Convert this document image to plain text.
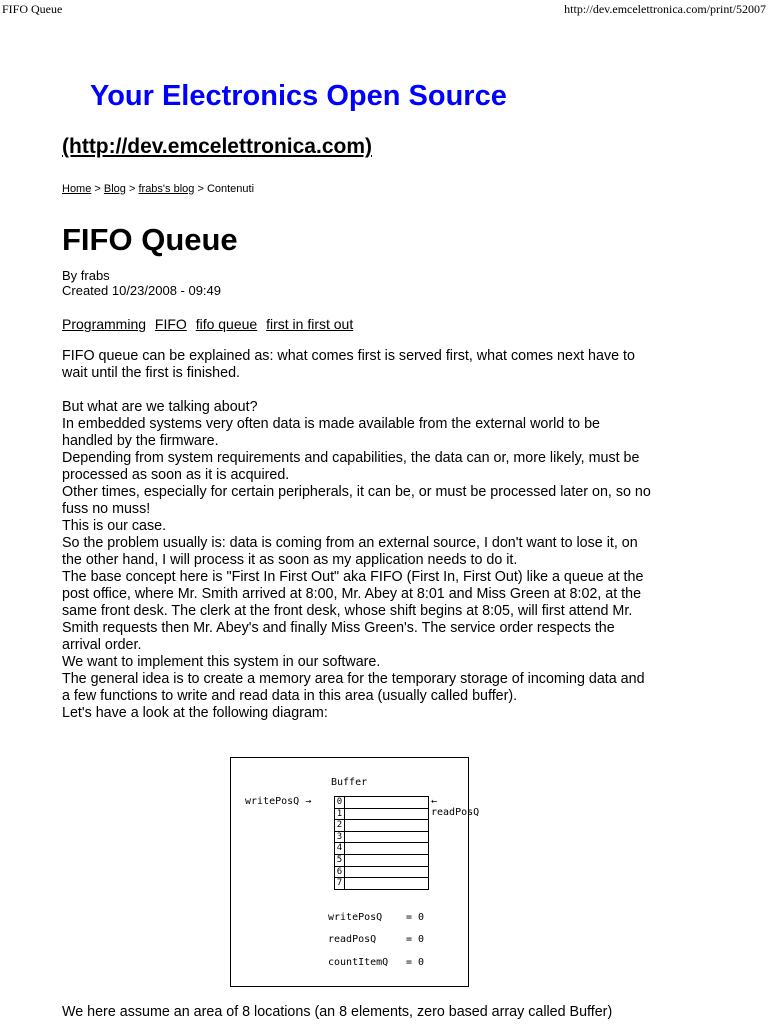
FIFO Queue	http://dev.emcelettronica.com/print/52007
Your Electronics Open Source
(http://dev.emcelettronica.com)
Home > Blog > frabs's blog > Contenuti
FIFO Queue
By frabs
Created 10/23/2008 - 09:49
Programming FIFO fifo queue first in first out

FIFO queue can be explained as: what comes first is served first, what comes next have to

wait until the first is finished.

But what are we talking about?

In embedded systems very often data is made available from the external world to be

handled by the firmware.

Depending from system requirements and capabilities, the data can or, more likely, must be

processed as soon as it is acquired.

Other times, especially for certain peripherals, it can be, or must be processed later on, so no

fuss no muss!

This is our case.

So the problem usually is: data is coming from an external source, I don't want to lose it, on

the other hand, I will process it as soon as my application needs to do it.

The base concept here is "First In First Out" aka FIFO (First In, First Out) like a queue at the

post office, where Mr. Smith arrived at 8:00, Mr. Abey at 8:01 and Miss Green at 8:02, at the

same front desk. The clerk at the front desk, whose shift begins at 8:05, will first attend Mr.

Smith requests then Mr. Abey's and finally Miss Green's. The service order respects the

arrival order.

We want to implement this system in our software.

The general idea is to create a memory area for the temporary storage of incoming data and

a few functions to write and read data in this area (usually called buffer).

Let's have a look at the following diagram:

Buffer
writePosQ →	← readPosQ
0
1
2
3
4
5
6
7
writePosQ = 0
readPosQ	= 0
countItemQ = 0
We here assume an area of 8 locations (an 8 elements, zero based array called Buffer)
